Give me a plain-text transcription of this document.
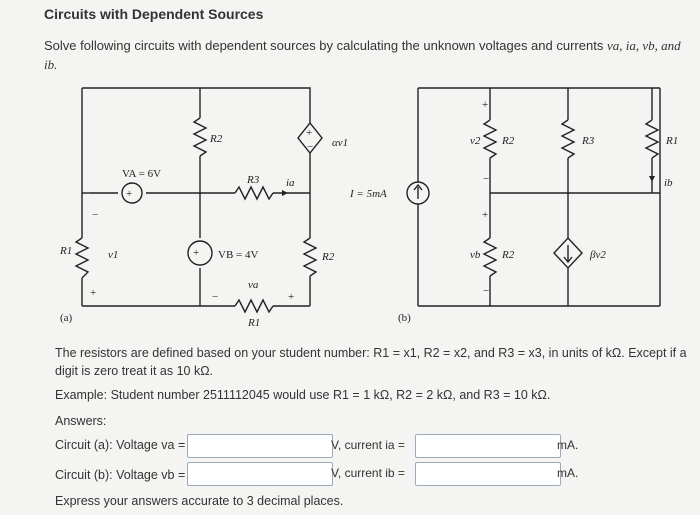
Circuits with Dependent Sources
Solve following circuits with dependent sources by calculating the unknown voltages and currents va, ia, vb, and
ib.
VA = 6V
+
VB = 4V
+
R1	v1
+
−
R2
R3 ia
R2
va
R1
−	+
αv1
+
−
(a)
I = 5mA
v2
+
−
R2	R3	R1
ib
vb
+
−
R2	βv2
(b)
The resistors are defined based on your student number: R1 = x1, R2 = x2, and R3 = x3, in units of kΩ. Except if a
digit is zero treat it as 10 kΩ.
Example: Student number 2511112045 would use R1 = 1 kΩ, R2 = 2 kΩ, and R3 = 10 kΩ.
Answers:
Circuit (a): Voltage va =	V, current ia =	mA.
Circuit (b): Voltage vb =	V, current ib =	mA.
Express your answers accurate to 3 decimal places.
